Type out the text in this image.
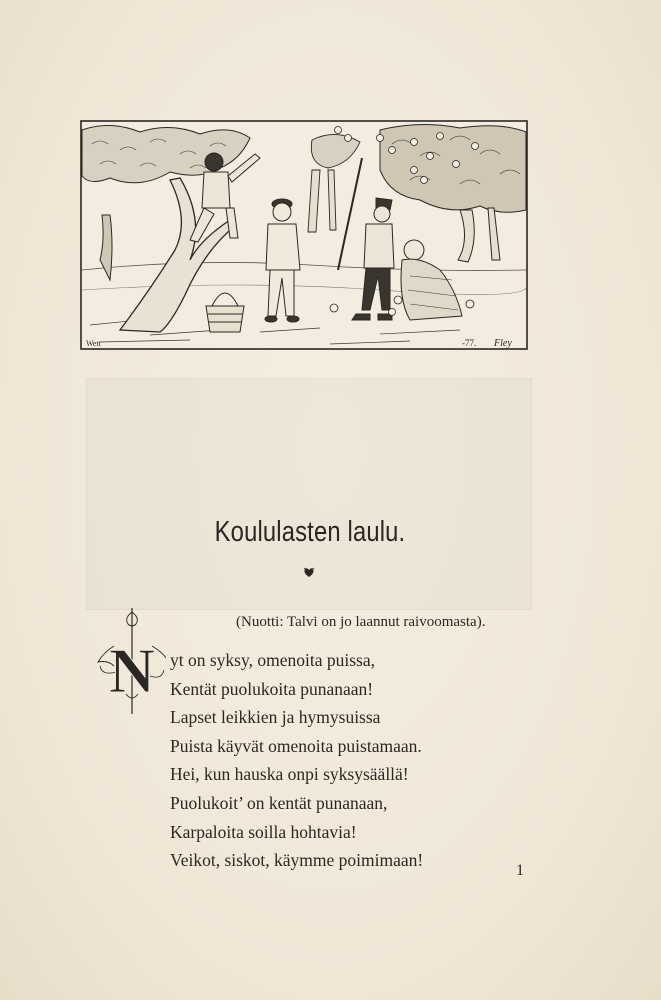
Wett	-77. Fley
Koululasten laulu.
(Nuotti: Talvi on jo laannut raivoomasta).
N yt on syksy, omenoita puissa,
Kentät puolukoita punanaan!
Lapset leikkien ja hymysuissa
Puista käyvät omenoita puistamaan.
Hei, kun hauska onpi syksysäällä!
Puolukoit’ on kentät punanaan,
Karpaloita soilla hohtavia!
Veikot, siskot, käymme poimimaan!
1
